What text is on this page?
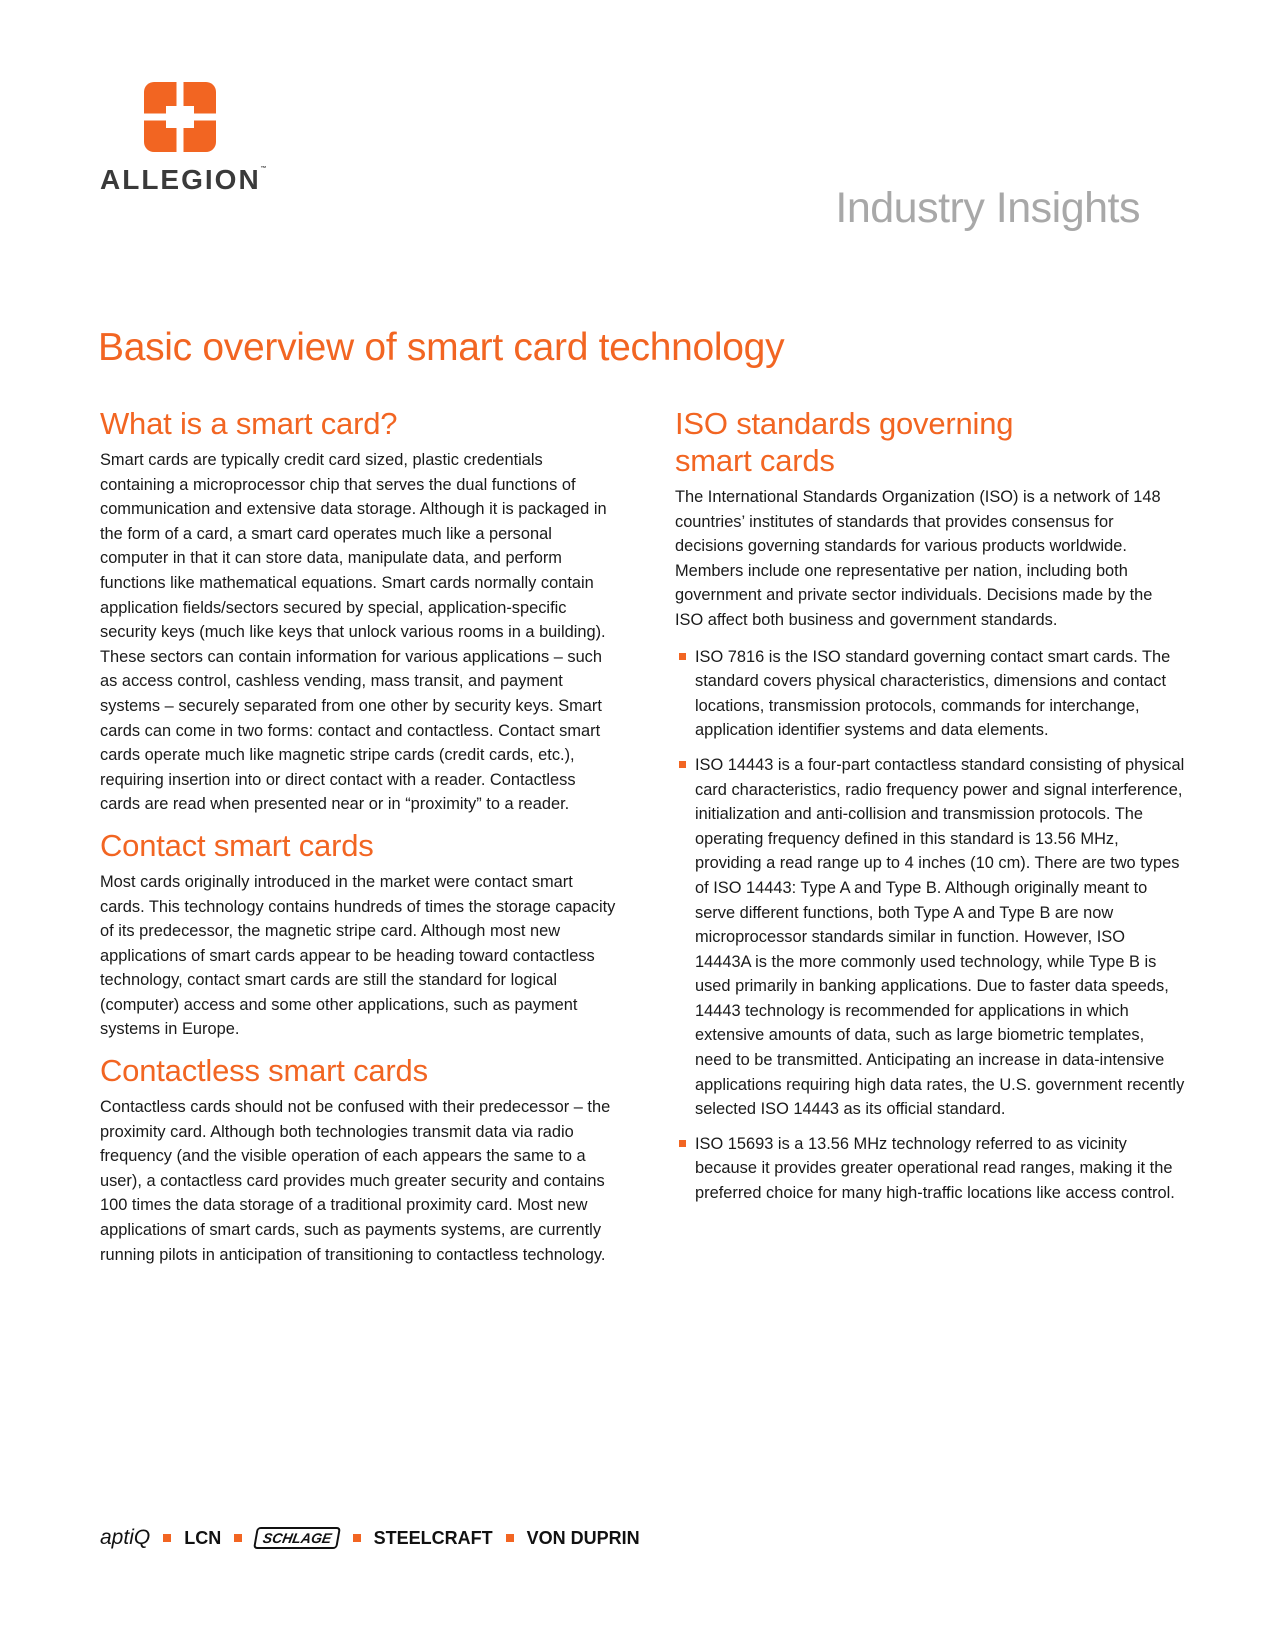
ALLEGION™
Industry Insights
Basic overview of smart card technology
What is a smart card?

Smart cards are typically credit card sized, plastic credentials containing a microprocessor chip that serves the dual functions of communication and extensive data storage. Although it is packaged in the form of a card, a smart card operates much like a personal computer in that it can store data, manipulate data, and perform functions like mathematical equations. Smart cards normally contain application fields/sectors secured by special, application-specific security keys (much like keys that unlock various rooms in a building). These sectors can contain information for various applications – such as access control, cashless vending, mass transit, and payment systems – securely separated from one other by security keys. Smart cards can come in two forms: contact and contactless. Contact smart cards operate much like magnetic stripe cards (credit cards, etc.), requiring insertion into or direct contact with a reader. Contactless cards are read when presented near or in “proximity” to a reader.

Contact smart cards

Most cards originally introduced in the market were contact smart cards. This technology contains hundreds of times the storage capacity of its predecessor, the magnetic stripe card. Although most new applications of smart cards appear to be heading toward contactless technology, contact smart cards are still the standard for logical (computer) access and some other applications, such as payment systems in Europe.

Contactless smart cards

Contactless cards should not be confused with their predecessor – the proximity card. Although both technologies transmit data via radio frequency (and the visible operation of each appears the same to a user), a contactless card provides much greater security and contains 100 times the data storage of a traditional proximity card. Most new applications of smart cards, such as payments systems, are currently running pilots in anticipation of transitioning to contactless technology.

ISO standards governing
smart cards

The International Standards Organization (ISO) is a network of 148 countries’ institutes of standards that provides consensus for decisions governing standards for various products worldwide. Members include one representative per nation, including both government and private sector individuals. Decisions made by the ISO affect both business and government standards.

ISO 7816 is the ISO standard governing contact smart cards. The standard covers physical characteristics, dimensions and contact locations, transmission protocols, commands for interchange, application identifier systems and data elements.
ISO 14443 is a four-part contactless standard consisting of physical card characteristics, radio frequency power and signal interference, initialization and anti-collision and transmission protocols. The operating frequency defined in this standard is 13.56 MHz, providing a read range up to 4 inches (10 cm). There are two types of ISO 14443: Type A and Type B. Although originally meant to serve different functions, both Type A and Type B are now microprocessor standards similar in function. However, ISO 14443A is the more commonly used technology, while Type B is used primarily in banking applications. Due to faster data speeds, 14443 technology is recommended for applications in which extensive amounts of data, such as large biometric templates, need to be transmitted. Anticipating an increase in data-intensive applications requiring high data rates, the U.S. government recently selected ISO 14443 as its official standard.
ISO 15693 is a 13.56 MHz technology referred to as vicinity because it provides greater operational read ranges, making it the preferred choice for many high-traffic locations like access control.
aptiQ LCN	SCHLAGE	STEELCRAFT VON DUPRIN
